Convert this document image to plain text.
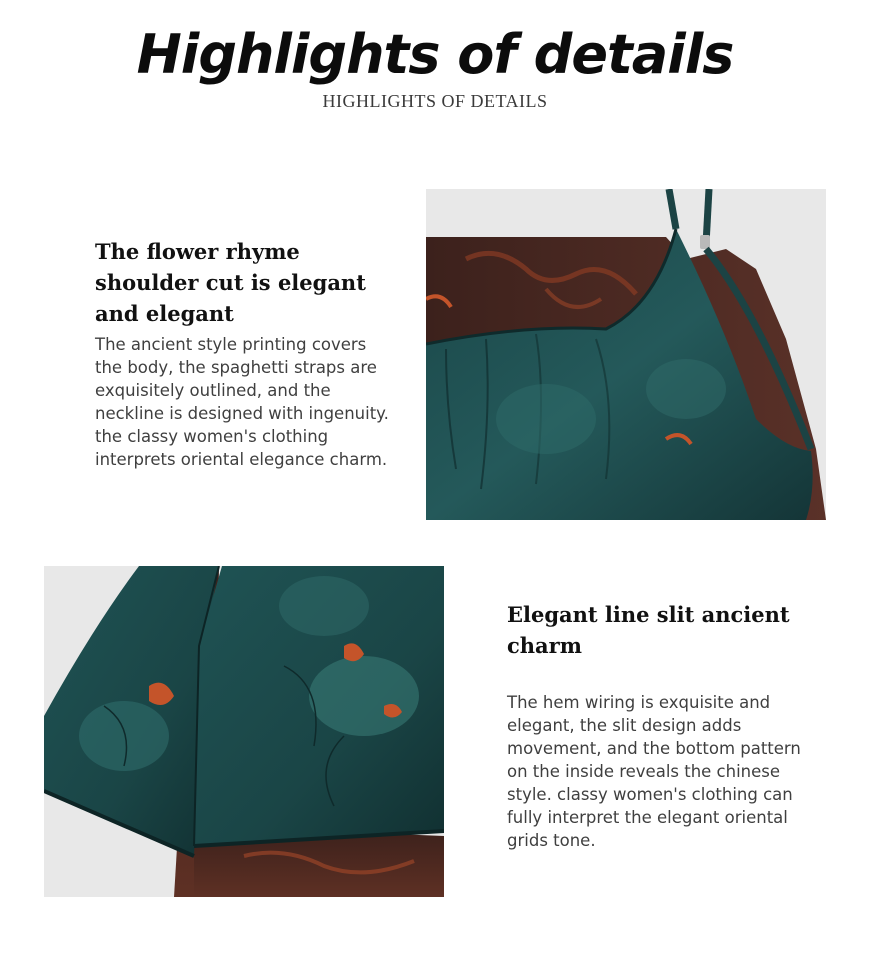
Highlights of details
HIGHLIGHTS OF DETAILS
The flower rhyme shoulder cut is elegant and elegant

The ancient style printing covers the body, the spaghetti straps are exquisitely outlined, and the neckline is designed with ingenuity. the classy women's clothing interprets oriental elegance charm.

Elegant line slit ancient charm

The hem wiring is exquisite and elegant, the slit design adds movement, and the bottom pattern on the inside reveals the chinese style. classy women's clothing can fully interpret the elegant oriental grids tone.
